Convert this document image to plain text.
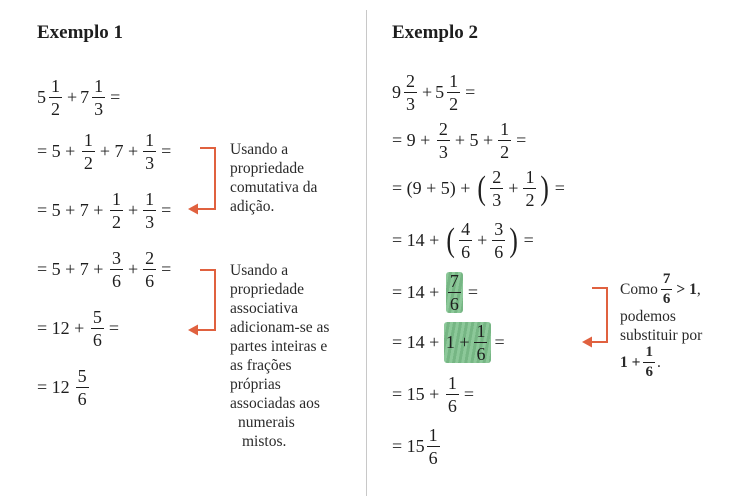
Exemplo 1
$5 \frac{1}{2} + 7 \frac{1}{3}$ =
= $5 + \frac{1}{2} + 7 + \frac{1}{3}$ =
= $5 + 7 + \frac{1}{2} + \frac{1}{3}$ =
= $5 + 7 + \frac{3}{6} + \frac{2}{6}$ =
= $12 + \frac{5}{6}$ =
= $12 \frac{5}{6}$
Usando a
propriedade
comutativa da
adição.
Usando a
propriedade
associativa
adicionam-se as
partes inteiras e
as frações
próprias
associadas aos
numerais
mistos.
Exemplo 2
$9 \frac{2}{3} + 5 \frac{1}{2}$ =
= $9 + \frac{2}{3} + 5 + \frac{1}{2}$ =
= (9 + 5) + ( $\frac{2}{3} + \frac{1}{2}$ ) =
= 14 + ( $\frac{4}{6} + \frac{3}{6}$ ) =
= $14 + \frac{7}{6}$ =
= $14 + 1 + \frac{1}{6}$ =
= $15 + \frac{1}{6}$ =
= $15 \frac{1}{6}$
Como $\frac{7}{6} > 1$ ,
podemos
substituir por
$1 + \frac{1}{6}$ .
